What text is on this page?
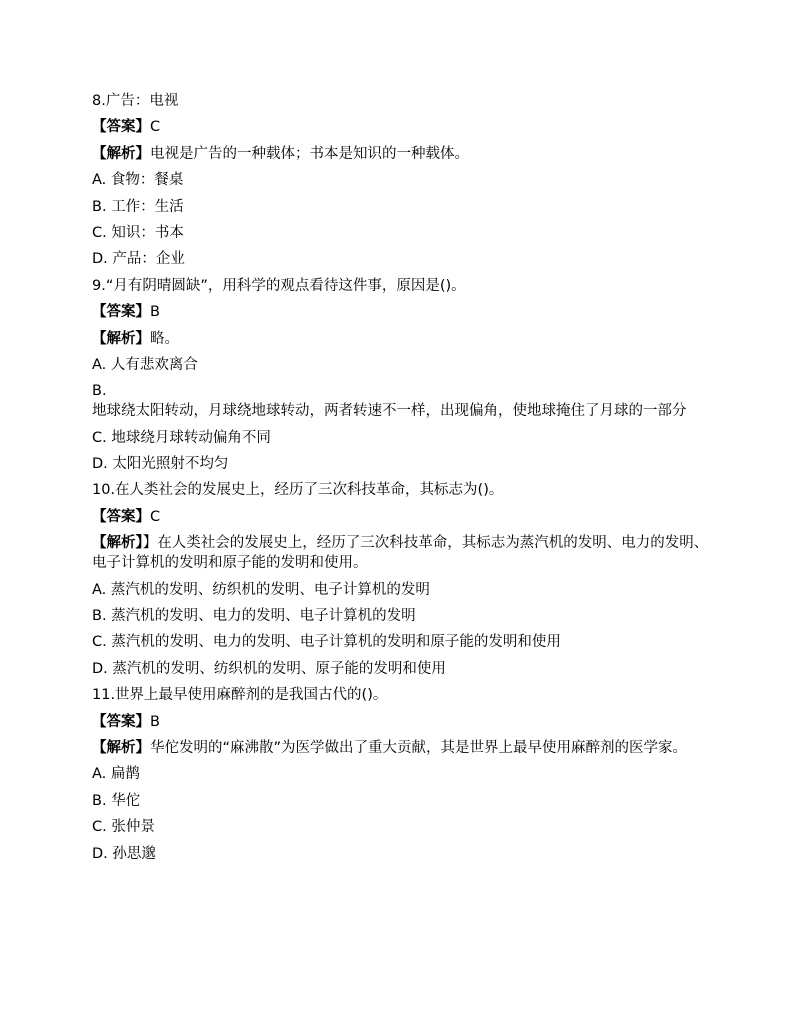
8.广告：电视
【答案】C
【解析】电视是广告的一种载体；书本是知识的一种载体。
A. 食物：餐桌
B. 工作：生活
C. 知识：书本
D. 产品：企业
9.“月有阴晴圆缺”，用科学的观点看待这件事，原因是()。
【答案】B
【解析】略。
A. 人有悲欢离合
B.
地球绕太阳转动，月球绕地球转动，两者转速不一样，出现偏角，使地球掩住了月球的一部分
C. 地球绕月球转动偏角不同
D. 太阳光照射不均匀
10.在人类社会的发展史上，经历了三次科技革命，其标志为()。
【答案】C
【解析】】在人类社会的发展史上，经历了三次科技革命，其标志为蒸汽机的发明、电力的发明、电子计算机的发明和原子能的发明和使用。
A. 蒸汽机的发明、纺织机的发明、电子计算机的发明
B. 蒸汽机的发明、电力的发明、电子计算机的发明
C. 蒸汽机的发明、电力的发明、电子计算机的发明和原子能的发明和使用
D. 蒸汽机的发明、纺织机的发明、原子能的发明和使用
11.世界上最早使用麻醉剂的是我国古代的()。
【答案】B
【解析】华佗发明的“麻沸散”为医学做出了重大贡献，其是世界上最早使用麻醉剂的医学家。
A. 扁鹊
B. 华佗
C. 张仲景
D. 孙思邈
